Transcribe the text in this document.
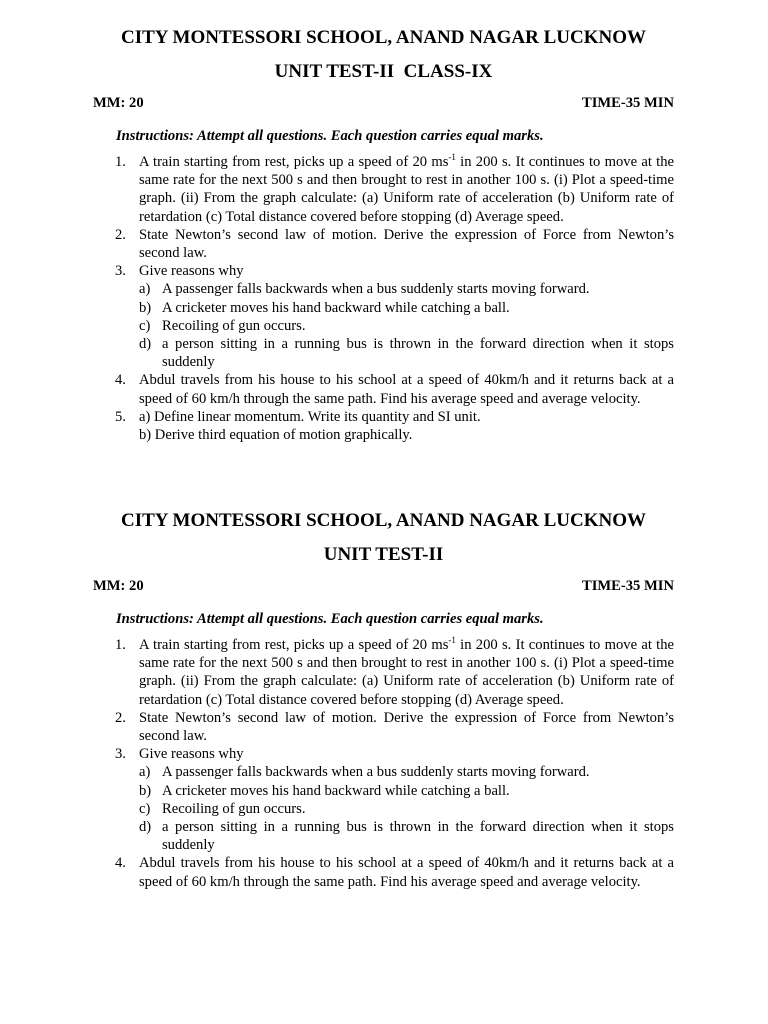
CITY MONTESSORI SCHOOL, ANAND NAGAR LUCKNOW
UNIT TEST-II  CLASS-IX
MM: 20	TIME-35 MIN
Instructions: Attempt all questions. Each question carries equal marks.
1. A train starting from rest, picks up a speed of 20 $ms^{-1}$ in 200 s. It continues to move at the same rate for the next 500 s and then brought to rest in another 100 s. (i) Plot a speed-time graph. (ii) From the graph calculate: (a) Uniform rate of acceleration (b) Uniform rate of retardation (c) Total distance covered before stopping (d) Average speed.
2. State Newton’s second law of motion. Derive the expression of Force from Newton’s second law.
3. Give reasons why
a) A passenger falls backwards when a bus suddenly starts moving forward.
b) A cricketer moves his hand backward while catching a ball.
c) Recoiling of gun occurs.
d) a person sitting in a running bus is thrown in the forward direction when it stops suddenly
4. Abdul travels from his house to his school at a speed of 40km/h and it returns back at a speed of 60 km/h through the same path. Find his average speed and average velocity.
5. a) Define linear momentum. Write its quantity and SI unit.
b) Derive third equation of motion graphically.
CITY MONTESSORI SCHOOL, ANAND NAGAR LUCKNOW
UNIT TEST-II
MM: 20	TIME-35 MIN
Instructions: Attempt all questions. Each question carries equal marks.
1. A train starting from rest, picks up a speed of 20 $ms^{-1}$ in 200 s. It continues to move at the same rate for the next 500 s and then brought to rest in another 100 s. (i) Plot a speed-time graph. (ii) From the graph calculate: (a) Uniform rate of acceleration (b) Uniform rate of retardation (c) Total distance covered before stopping (d) Average speed.
2. State Newton’s second law of motion. Derive the expression of Force from Newton’s second law.
3. Give reasons why
a) A passenger falls backwards when a bus suddenly starts moving forward.
b) A cricketer moves his hand backward while catching a ball.
c) Recoiling of gun occurs.
d) a person sitting in a running bus is thrown in the forward direction when it stops suddenly
4. Abdul travels from his house to his school at a speed of 40km/h and it returns back at a speed of 60 km/h through the same path. Find his average speed and average velocity.
